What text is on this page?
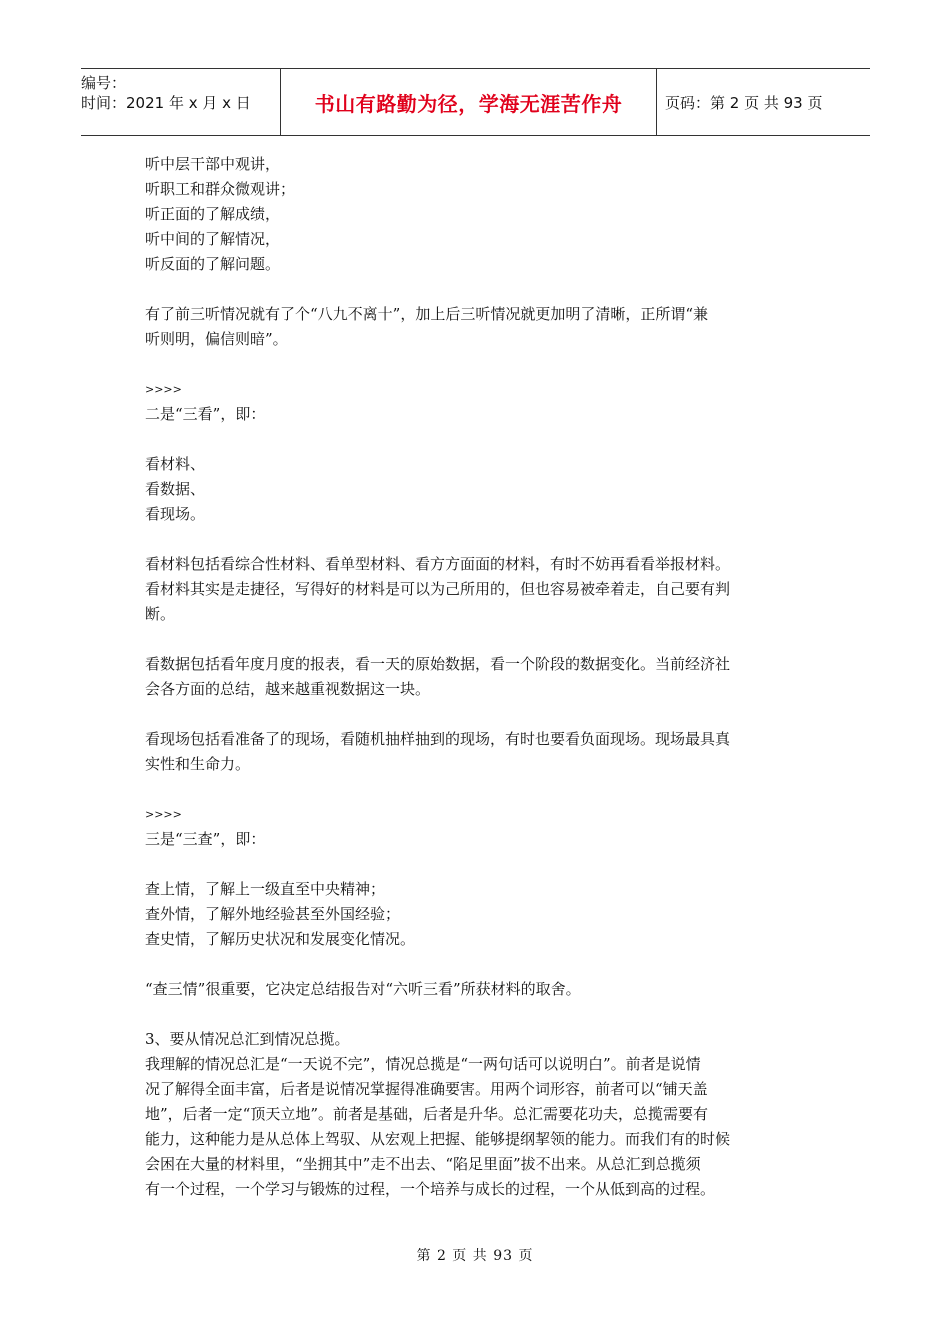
编号：
时间：2021 年 x 月 x 日	书山有路勤为径，学海无涯苦作舟	页码：第 2 页 共 93 页

听中层干部中观讲，

听职工和群众微观讲；

听正面的了解成绩，

听中间的了解情况，

听反面的了解问题。

有了前三听情况就有了个“八九不离十”，加上后三听情况就更加明了清晰，正所谓“兼

听则明，偏信则暗”。

>>>>

二是“三看”，即：

看材料、

看数据、

看现场。

看材料包括看综合性材料、看单型材料、看方方面面的材料，有时不妨再看看举报材料。

看材料其实是走捷径，写得好的材料是可以为己所用的，但也容易被牵着走，自己要有判

断。

看数据包括看年度月度的报表，看一天的原始数据，看一个阶段的数据变化。当前经济社

会各方面的总结，越来越重视数据这一块。

看现场包括看准备了的现场，看随机抽样抽到的现场，有时也要看负面现场。现场最具真

实性和生命力。

>>>>

三是“三查”，即：

查上情，了解上一级直至中央精神；

查外情，了解外地经验甚至外国经验；

查史情，了解历史状况和发展变化情况。

“查三情”很重要，它决定总结报告对“六听三看”所获材料的取舍。

3、要从情况总汇到情况总揽。

我理解的情况总汇是“一天说不完”，情况总揽是“一两句话可以说明白”。前者是说情

况了解得全面丰富，后者是说情况掌握得准确要害。用两个词形容，前者可以“铺天盖

地”，后者一定“顶天立地”。前者是基础，后者是升华。总汇需要花功夫，总揽需要有

能力，这种能力是从总体上驾驭、从宏观上把握、能够提纲挈领的能力。而我们有的时候

会困在大量的材料里，“坐拥其中”走不出去、“陷足里面”拔不出来。从总汇到总揽须

有一个过程，一个学习与锻炼的过程，一个培养与成长的过程，一个从低到高的过程。

第 2 页 共 93 页
